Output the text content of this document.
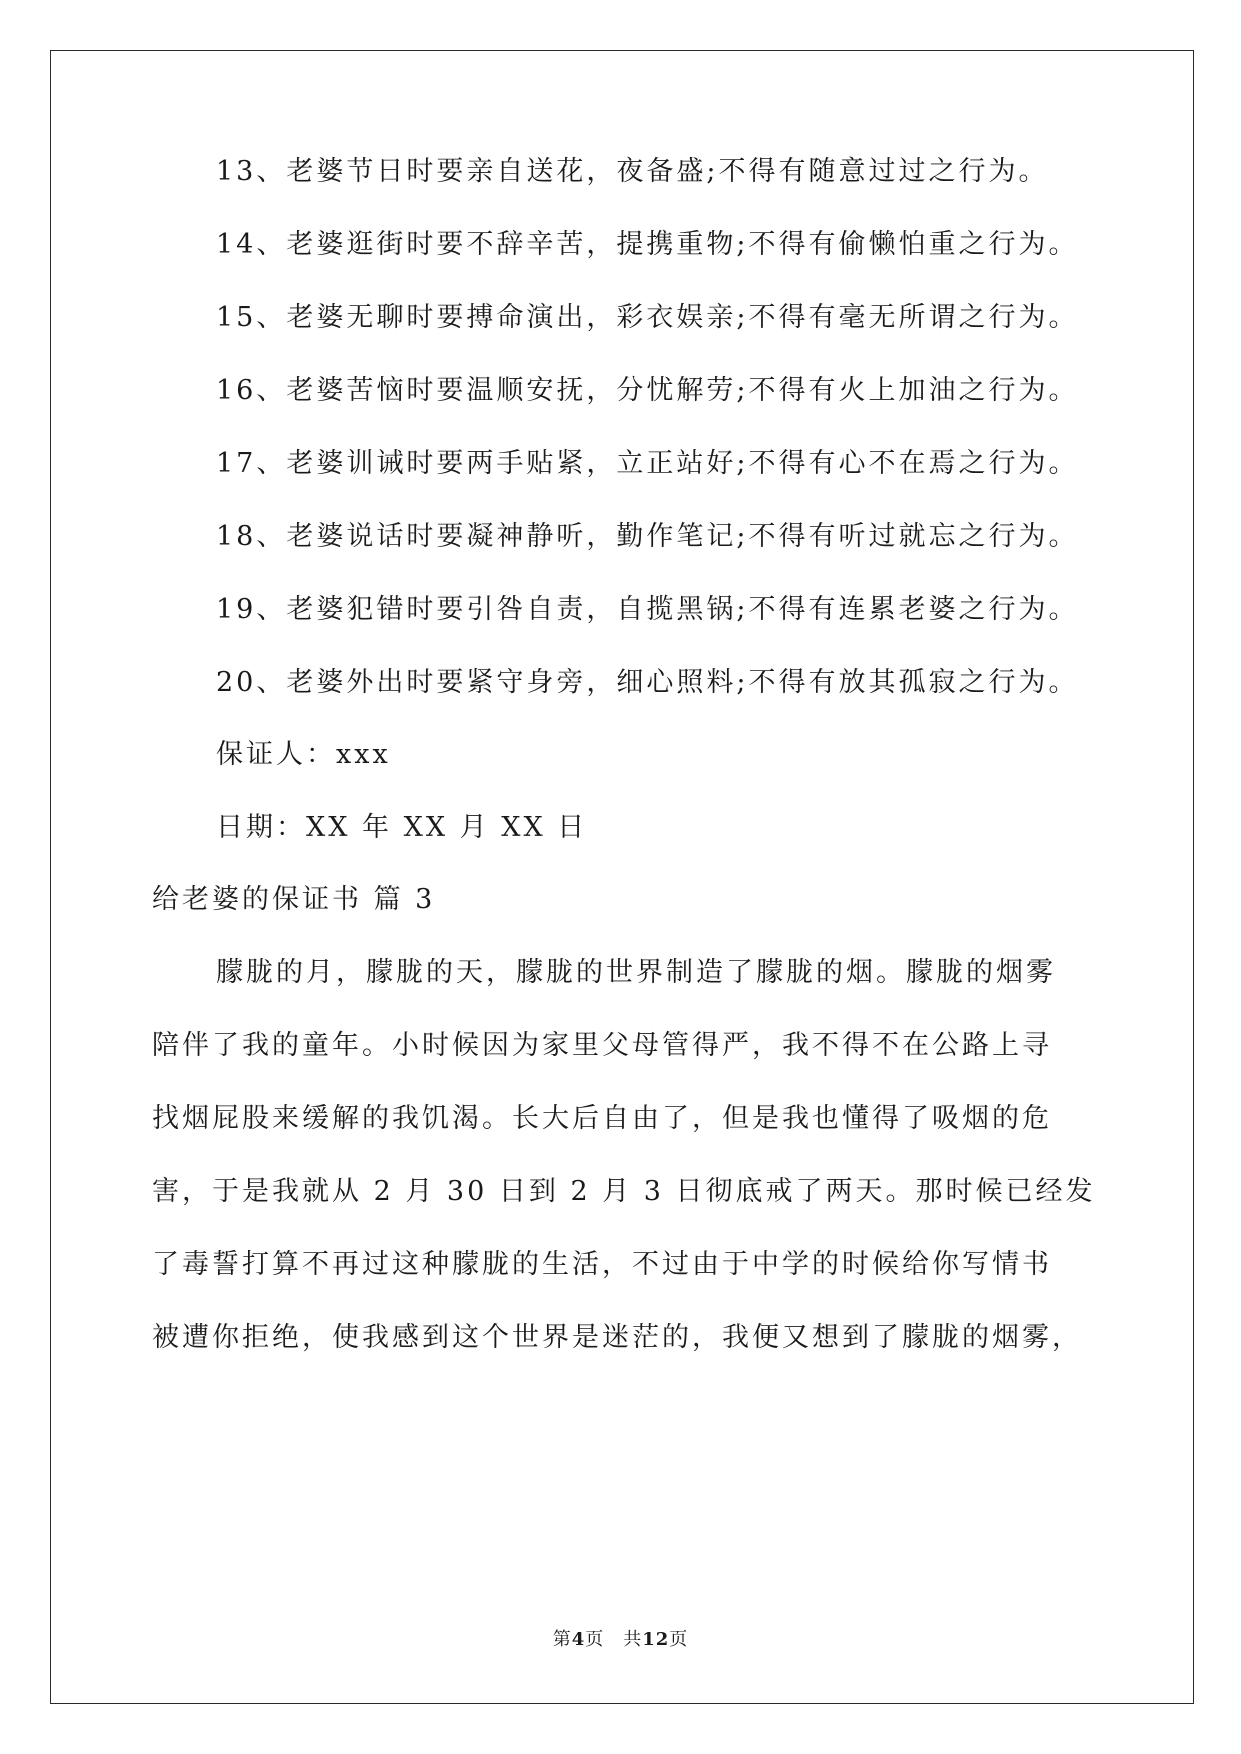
13、老婆节日时要亲自送花，夜备盛;不得有随意过过之行为。
14、老婆逛街时要不辞辛苦，提携重物;不得有偷懒怕重之行为。
15、老婆无聊时要搏命演出，彩衣娱亲;不得有毫无所谓之行为。
16、老婆苦恼时要温顺安抚，分忧解劳;不得有火上加油之行为。
17、老婆训诫时要两手贴紧，立正站好;不得有心不在焉之行为。
18、老婆说话时要凝神静听，勤作笔记;不得有听过就忘之行为。
19、老婆犯错时要引咎自责，自揽黑锅;不得有连累老婆之行为。
20、老婆外出时要紧守身旁，细心照料;不得有放其孤寂之行为。
保证人：xxx
日期：XX 年 XX 月 XX 日
给老婆的保证书 篇 3
朦胧的月，朦胧的天，朦胧的世界制造了朦胧的烟。朦胧的烟雾
陪伴了我的童年。小时候因为家里父母管得严，我不得不在公路上寻
找烟屁股来缓解的我饥渴。长大后自由了，但是我也懂得了吸烟的危
害，于是我就从 2 月 30 日到 2 月 3 日彻底戒了两天。那时候已经发
了毒誓打算不再过这种朦胧的生活，不过由于中学的时候给你写情书
被遭你拒绝，使我感到这个世界是迷茫的，我便又想到了朦胧的烟雾，
第4页　共12页
